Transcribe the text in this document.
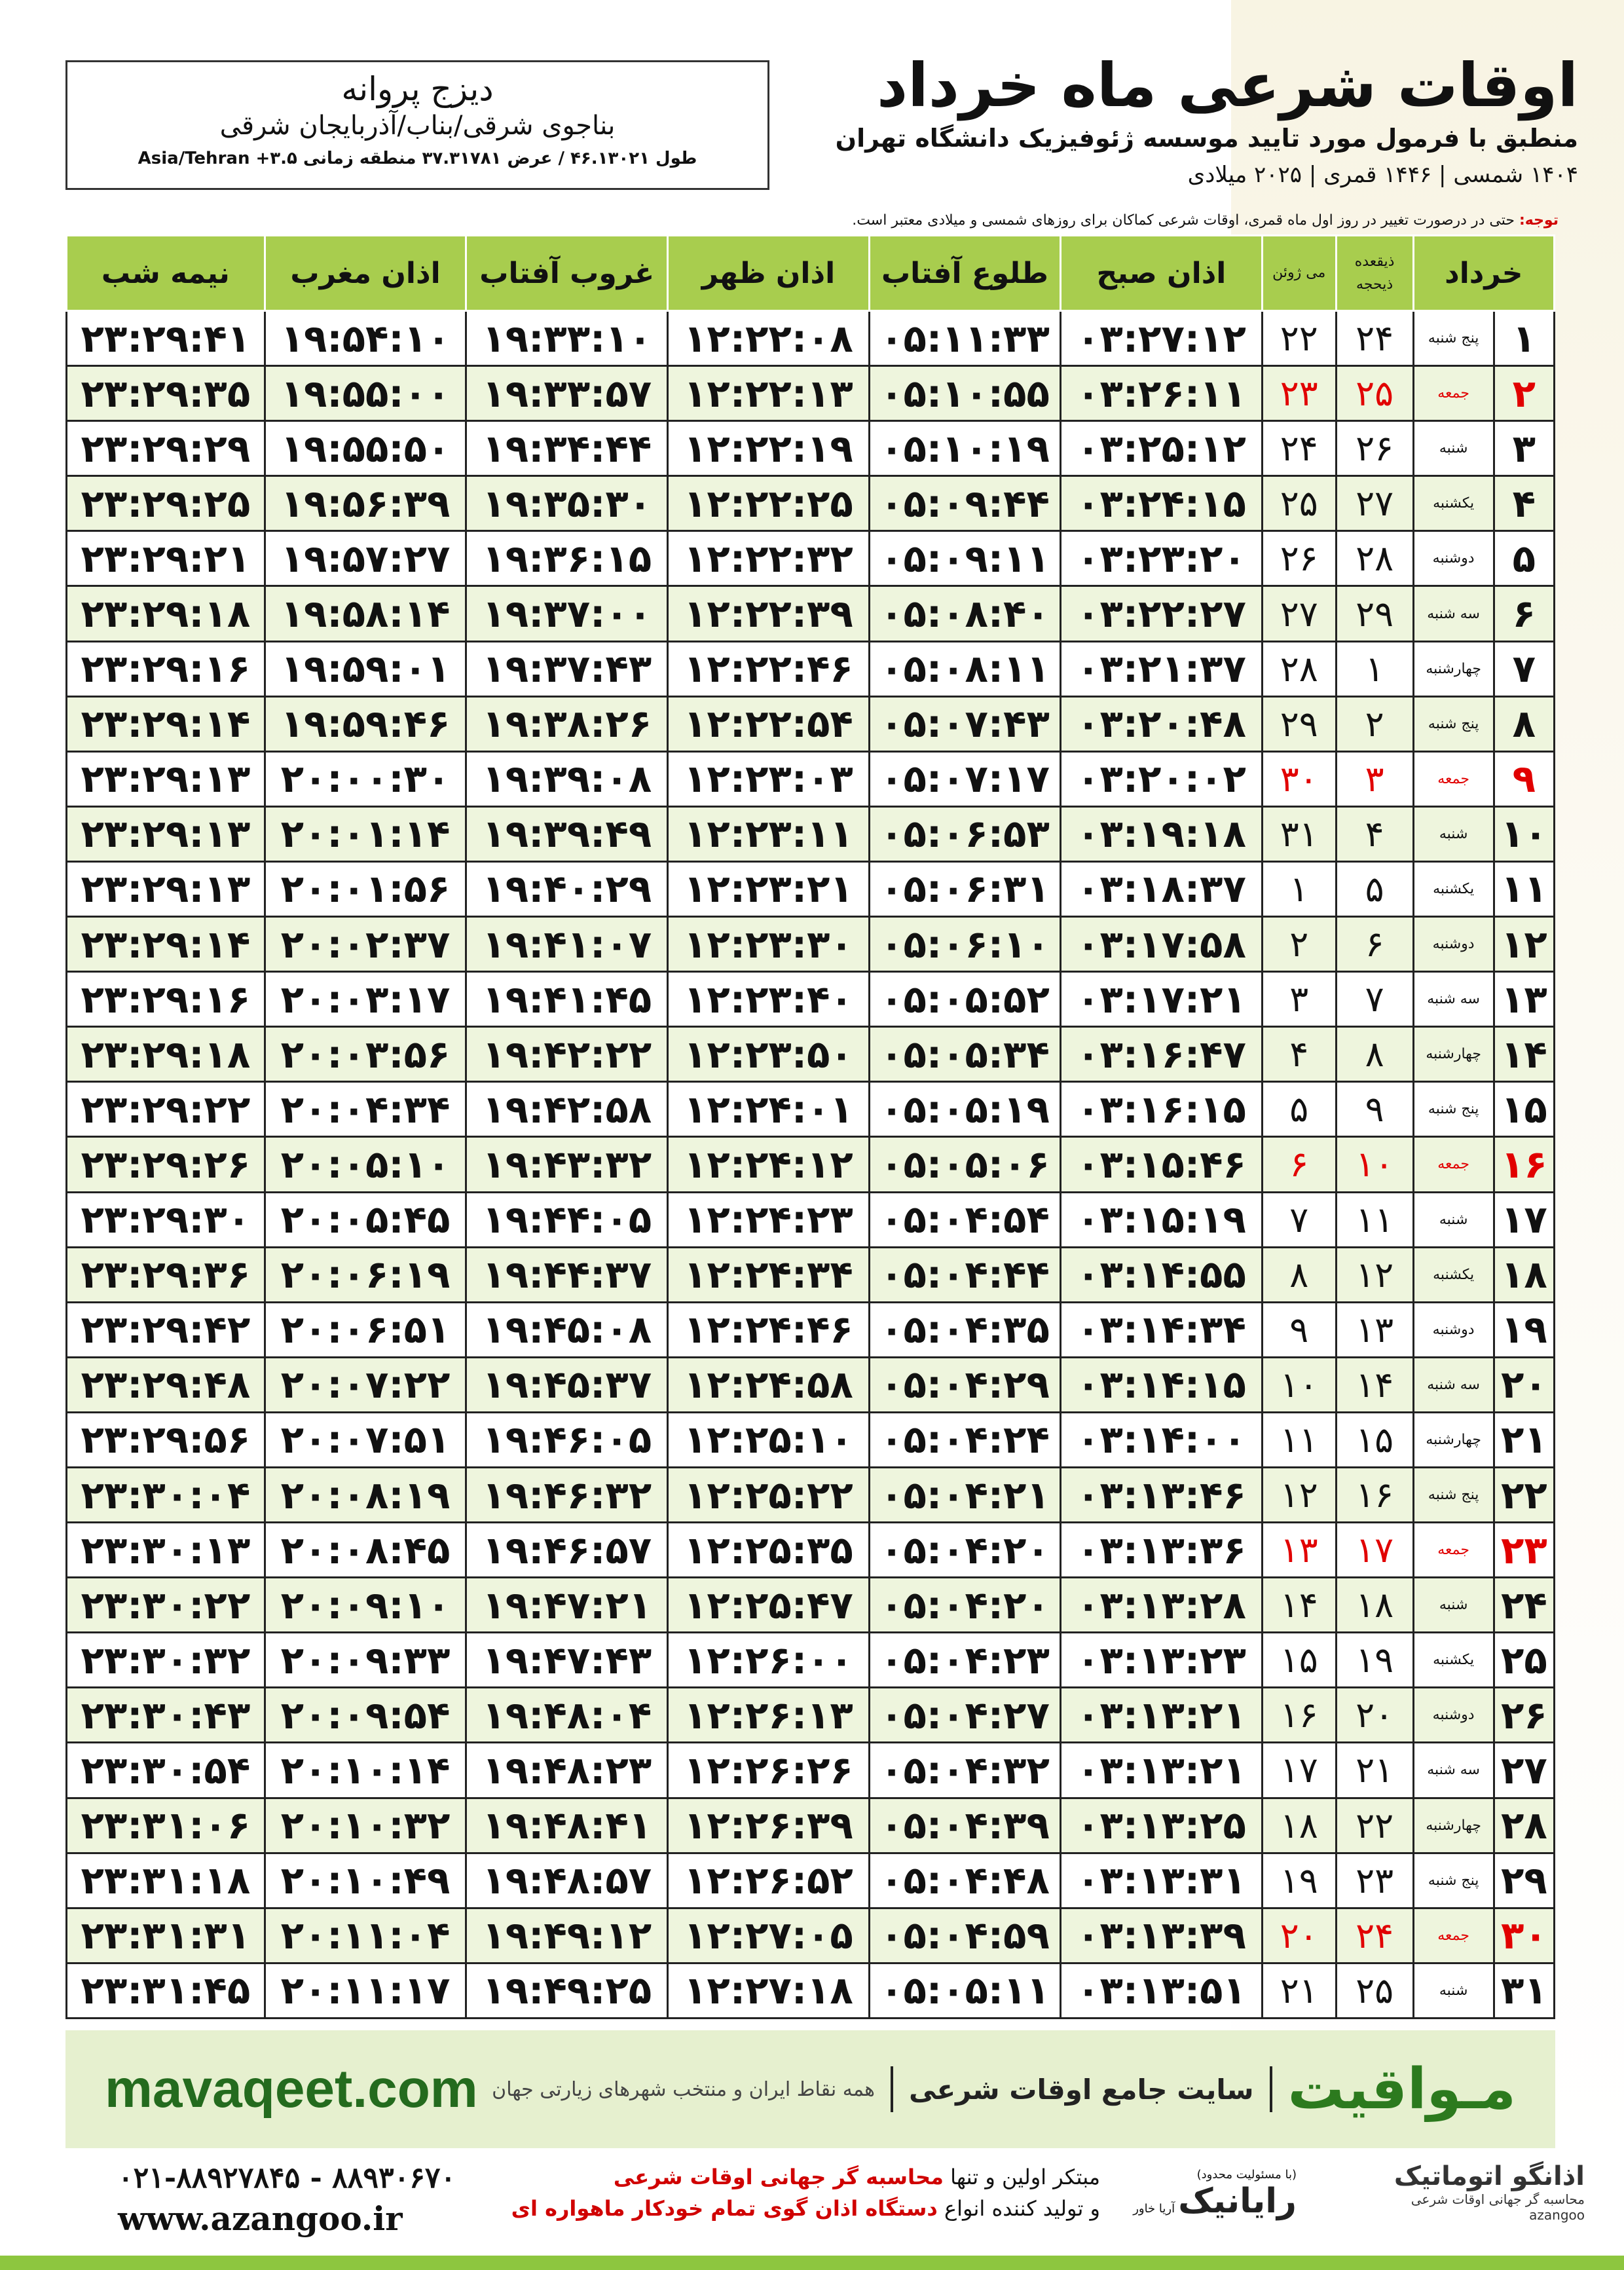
اوقات شرعی ماه خرداد
منطبق با فرمول مورد تایید موسسه ژئوفیزیک دانشگاه تهران
۱۴۰۴ شمسی | ۱۴۴۶ قمری | ۲۰۲۵ میلادی
دیزج پروانه
بناجوی شرقی/بناب/آذربایجان شرقی
طول ۴۶.۱۳۰۲۱ / عرض ۳۷.۳۱۷۸۱ منطقه زمانی ۳.۵+ Asia/Tehran
توجه: حتی در درصورت تغییر در روز اول ماه قمری، اوقات شرعی کماکان برای روزهای شمسی و میلادی معتبر است.
خرداد		ذیقعده ذیحجه	می ژوئن	اذان صبح	طلوع آفتاب	اذان ظهر	غروب آفتاب	اذان مغرب	نیمه شب
۱	پنج شنبه	۲۴	۲۲	۰۳:۲۷:۱۲	۰۵:۱۱:۳۳	۱۲:۲۲:۰۸	۱۹:۳۳:۱۰	۱۹:۵۴:۱۰	۲۳:۲۹:۴۱
۲	جمعه	۲۵	۲۳	۰۳:۲۶:۱۱	۰۵:۱۰:۵۵	۱۲:۲۲:۱۳	۱۹:۳۳:۵۷	۱۹:۵۵:۰۰	۲۳:۲۹:۳۵
۳	شنبه	۲۶	۲۴	۰۳:۲۵:۱۲	۰۵:۱۰:۱۹	۱۲:۲۲:۱۹	۱۹:۳۴:۴۴	۱۹:۵۵:۵۰	۲۳:۲۹:۲۹
۴	یکشنبه	۲۷	۲۵	۰۳:۲۴:۱۵	۰۵:۰۹:۴۴	۱۲:۲۲:۲۵	۱۹:۳۵:۳۰	۱۹:۵۶:۳۹	۲۳:۲۹:۲۵
۵	دوشنبه	۲۸	۲۶	۰۳:۲۳:۲۰	۰۵:۰۹:۱۱	۱۲:۲۲:۳۲	۱۹:۳۶:۱۵	۱۹:۵۷:۲۷	۲۳:۲۹:۲۱
۶	سه شنبه	۲۹	۲۷	۰۳:۲۲:۲۷	۰۵:۰۸:۴۰	۱۲:۲۲:۳۹	۱۹:۳۷:۰۰	۱۹:۵۸:۱۴	۲۳:۲۹:۱۸
۷	چهارشنبه	۱	۲۸	۰۳:۲۱:۳۷	۰۵:۰۸:۱۱	۱۲:۲۲:۴۶	۱۹:۳۷:۴۳	۱۹:۵۹:۰۱	۲۳:۲۹:۱۶
۸	پنج شنبه	۲	۲۹	۰۳:۲۰:۴۸	۰۵:۰۷:۴۳	۱۲:۲۲:۵۴	۱۹:۳۸:۲۶	۱۹:۵۹:۴۶	۲۳:۲۹:۱۴
۹	جمعه	۳	۳۰	۰۳:۲۰:۰۲	۰۵:۰۷:۱۷	۱۲:۲۳:۰۳	۱۹:۳۹:۰۸	۲۰:۰۰:۳۰	۲۳:۲۹:۱۳
۱۰	شنبه	۴	۳۱	۰۳:۱۹:۱۸	۰۵:۰۶:۵۳	۱۲:۲۳:۱۱	۱۹:۳۹:۴۹	۲۰:۰۱:۱۴	۲۳:۲۹:۱۳
۱۱	یکشنبه	۵	۱	۰۳:۱۸:۳۷	۰۵:۰۶:۳۱	۱۲:۲۳:۲۱	۱۹:۴۰:۲۹	۲۰:۰۱:۵۶	۲۳:۲۹:۱۳
۱۲	دوشنبه	۶	۲	۰۳:۱۷:۵۸	۰۵:۰۶:۱۰	۱۲:۲۳:۳۰	۱۹:۴۱:۰۷	۲۰:۰۲:۳۷	۲۳:۲۹:۱۴
۱۳	سه شنبه	۷	۳	۰۳:۱۷:۲۱	۰۵:۰۵:۵۲	۱۲:۲۳:۴۰	۱۹:۴۱:۴۵	۲۰:۰۳:۱۷	۲۳:۲۹:۱۶
۱۴	چهارشنبه	۸	۴	۰۳:۱۶:۴۷	۰۵:۰۵:۳۴	۱۲:۲۳:۵۰	۱۹:۴۲:۲۲	۲۰:۰۳:۵۶	۲۳:۲۹:۱۸
۱۵	پنج شنبه	۹	۵	۰۳:۱۶:۱۵	۰۵:۰۵:۱۹	۱۲:۲۴:۰۱	۱۹:۴۲:۵۸	۲۰:۰۴:۳۴	۲۳:۲۹:۲۲
۱۶	جمعه	۱۰	۶	۰۳:۱۵:۴۶	۰۵:۰۵:۰۶	۱۲:۲۴:۱۲	۱۹:۴۳:۳۲	۲۰:۰۵:۱۰	۲۳:۲۹:۲۶
۱۷	شنبه	۱۱	۷	۰۳:۱۵:۱۹	۰۵:۰۴:۵۴	۱۲:۲۴:۲۳	۱۹:۴۴:۰۵	۲۰:۰۵:۴۵	۲۳:۲۹:۳۰
۱۸	یکشنبه	۱۲	۸	۰۳:۱۴:۵۵	۰۵:۰۴:۴۴	۱۲:۲۴:۳۴	۱۹:۴۴:۳۷	۲۰:۰۶:۱۹	۲۳:۲۹:۳۶
۱۹	دوشنبه	۱۳	۹	۰۳:۱۴:۳۴	۰۵:۰۴:۳۵	۱۲:۲۴:۴۶	۱۹:۴۵:۰۸	۲۰:۰۶:۵۱	۲۳:۲۹:۴۲
۲۰	سه شنبه	۱۴	۱۰	۰۳:۱۴:۱۵	۰۵:۰۴:۲۹	۱۲:۲۴:۵۸	۱۹:۴۵:۳۷	۲۰:۰۷:۲۲	۲۳:۲۹:۴۸
۲۱	چهارشنبه	۱۵	۱۱	۰۳:۱۴:۰۰	۰۵:۰۴:۲۴	۱۲:۲۵:۱۰	۱۹:۴۶:۰۵	۲۰:۰۷:۵۱	۲۳:۲۹:۵۶
۲۲	پنج شنبه	۱۶	۱۲	۰۳:۱۳:۴۶	۰۵:۰۴:۲۱	۱۲:۲۵:۲۲	۱۹:۴۶:۳۲	۲۰:۰۸:۱۹	۲۳:۳۰:۰۴
۲۳	جمعه	۱۷	۱۳	۰۳:۱۳:۳۶	۰۵:۰۴:۲۰	۱۲:۲۵:۳۵	۱۹:۴۶:۵۷	۲۰:۰۸:۴۵	۲۳:۳۰:۱۳
۲۴	شنبه	۱۸	۱۴	۰۳:۱۳:۲۸	۰۵:۰۴:۲۰	۱۲:۲۵:۴۷	۱۹:۴۷:۲۱	۲۰:۰۹:۱۰	۲۳:۳۰:۲۲
۲۵	یکشنبه	۱۹	۱۵	۰۳:۱۳:۲۳	۰۵:۰۴:۲۳	۱۲:۲۶:۰۰	۱۹:۴۷:۴۳	۲۰:۰۹:۳۳	۲۳:۳۰:۳۲
۲۶	دوشنبه	۲۰	۱۶	۰۳:۱۳:۲۱	۰۵:۰۴:۲۷	۱۲:۲۶:۱۳	۱۹:۴۸:۰۴	۲۰:۰۹:۵۴	۲۳:۳۰:۴۳
۲۷	سه شنبه	۲۱	۱۷	۰۳:۱۳:۲۱	۰۵:۰۴:۳۲	۱۲:۲۶:۲۶	۱۹:۴۸:۲۳	۲۰:۱۰:۱۴	۲۳:۳۰:۵۴
۲۸	چهارشنبه	۲۲	۱۸	۰۳:۱۳:۲۵	۰۵:۰۴:۳۹	۱۲:۲۶:۳۹	۱۹:۴۸:۴۱	۲۰:۱۰:۳۲	۲۳:۳۱:۰۶
۲۹	پنج شنبه	۲۳	۱۹	۰۳:۱۳:۳۱	۰۵:۰۴:۴۸	۱۲:۲۶:۵۲	۱۹:۴۸:۵۷	۲۰:۱۰:۴۹	۲۳:۳۱:۱۸
۳۰	جمعه	۲۴	۲۰	۰۳:۱۳:۳۹	۰۵:۰۴:۵۹	۱۲:۲۷:۰۵	۱۹:۴۹:۱۲	۲۰:۱۱:۰۴	۲۳:۳۱:۳۱
۳۱	شنبه	۲۵	۲۱	۰۳:۱۳:۵۱	۰۵:۰۵:۱۱	۱۲:۲۷:۱۸	۱۹:۴۹:۲۵	۲۰:۱۱:۱۷	۲۳:۳۱:۴۵
mavaqeet.com	مـواقیت
سایت جامع اوقات شرعی
همه نقاط ایران و منتخب شهرهای زیارتی جهان
۰۲۱-۸۸۹۲۷۸۴۵ - ۸۸۹۳۰۶۷۰
www.azangoo.ir
مبتکر اولین و تنها محاسبه گر جهانی اوقات شرعی
و تولید کننده انواع دستگاه اذان گوی تمام خودکار ماهواره ای
(با مسئولیت محدود)
رایانیک آریا خاور
اذانگو اتوماتیک
محاسبه گر جهانی اوقات شرعی
azangoo
